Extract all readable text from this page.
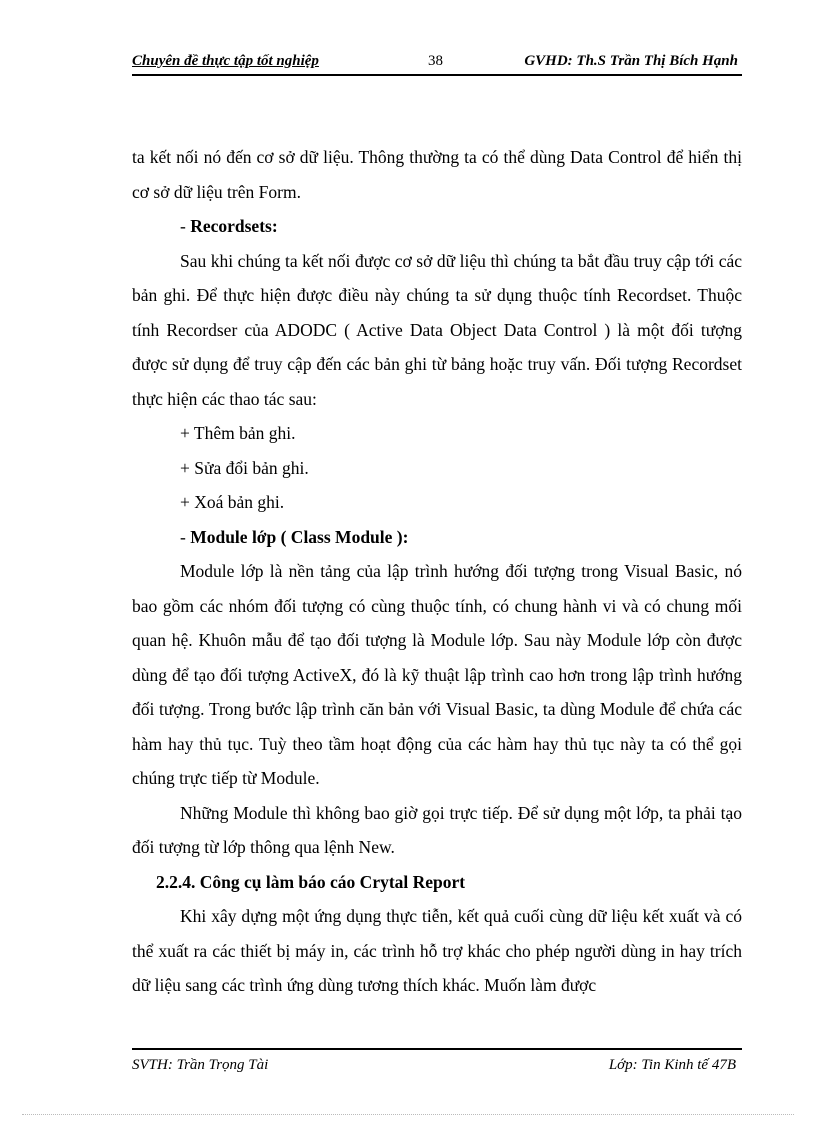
Chuyên đề thực tập tốt nghiệp	38	GVHD: Th.S Trần Thị Bích Hạnh

ta kết nối nó đến cơ sở dữ liệu. Thông thường ta có thể dùng Data Control để hiển thị cơ sở dữ liệu trên Form.

- Recordsets:

Sau khi chúng ta kết nối được cơ sở dữ liệu thì chúng ta bắt đầu truy cập tới các bản ghi. Để thực hiện được điều này chúng ta sử dụng thuộc tính Recordset. Thuộc tính Recordser của ADODC ( Active Data Object Data Control ) là một đối tượng được sử dụng để truy cập đến các bản ghi từ bảng hoặc truy vấn. Đối tượng Recordset thực hiện các thao tác sau:

+ Thêm bản ghi.

+ Sửa đổi bản ghi.

+ Xoá bản ghi.

- Module lớp ( Class Module ):

Module lớp là nền tảng của lập trình hướng đối tượng trong Visual Basic, nó bao gồm các nhóm đối tượng có cùng thuộc tính, có chung hành vi và có chung mối quan hệ. Khuôn mẫu để tạo đối tượng là Module lớp. Sau này Module lớp còn được dùng để tạo đối tượng ActiveX, đó là kỹ thuật lập trình cao hơn trong lập trình hướng đối tượng. Trong bước lập trình căn bản với Visual Basic, ta dùng Module để chứa các hàm hay thủ tục. Tuỳ theo tầm hoạt động của các hàm hay thủ tục này ta có thể gọi chúng trực tiếp từ Module.

Những Module thì không bao giờ gọi trực tiếp. Để sử dụng một lớp, ta phải tạo đối tượng từ lớp thông qua lệnh New.

2.2.4. Công cụ làm báo cáo Crytal Report

Khi xây dựng một ứng dụng thực tiễn, kết quả cuối cùng dữ liệu kết xuất và có thể xuất ra các thiết bị máy in, các trình hỗ trợ khác cho phép người dùng in hay trích dữ liệu sang các trình ứng dùng tương thích khác. Muốn làm được

SVTH: Trần Trọng Tài	Lớp: Tin Kinh tế 47B
